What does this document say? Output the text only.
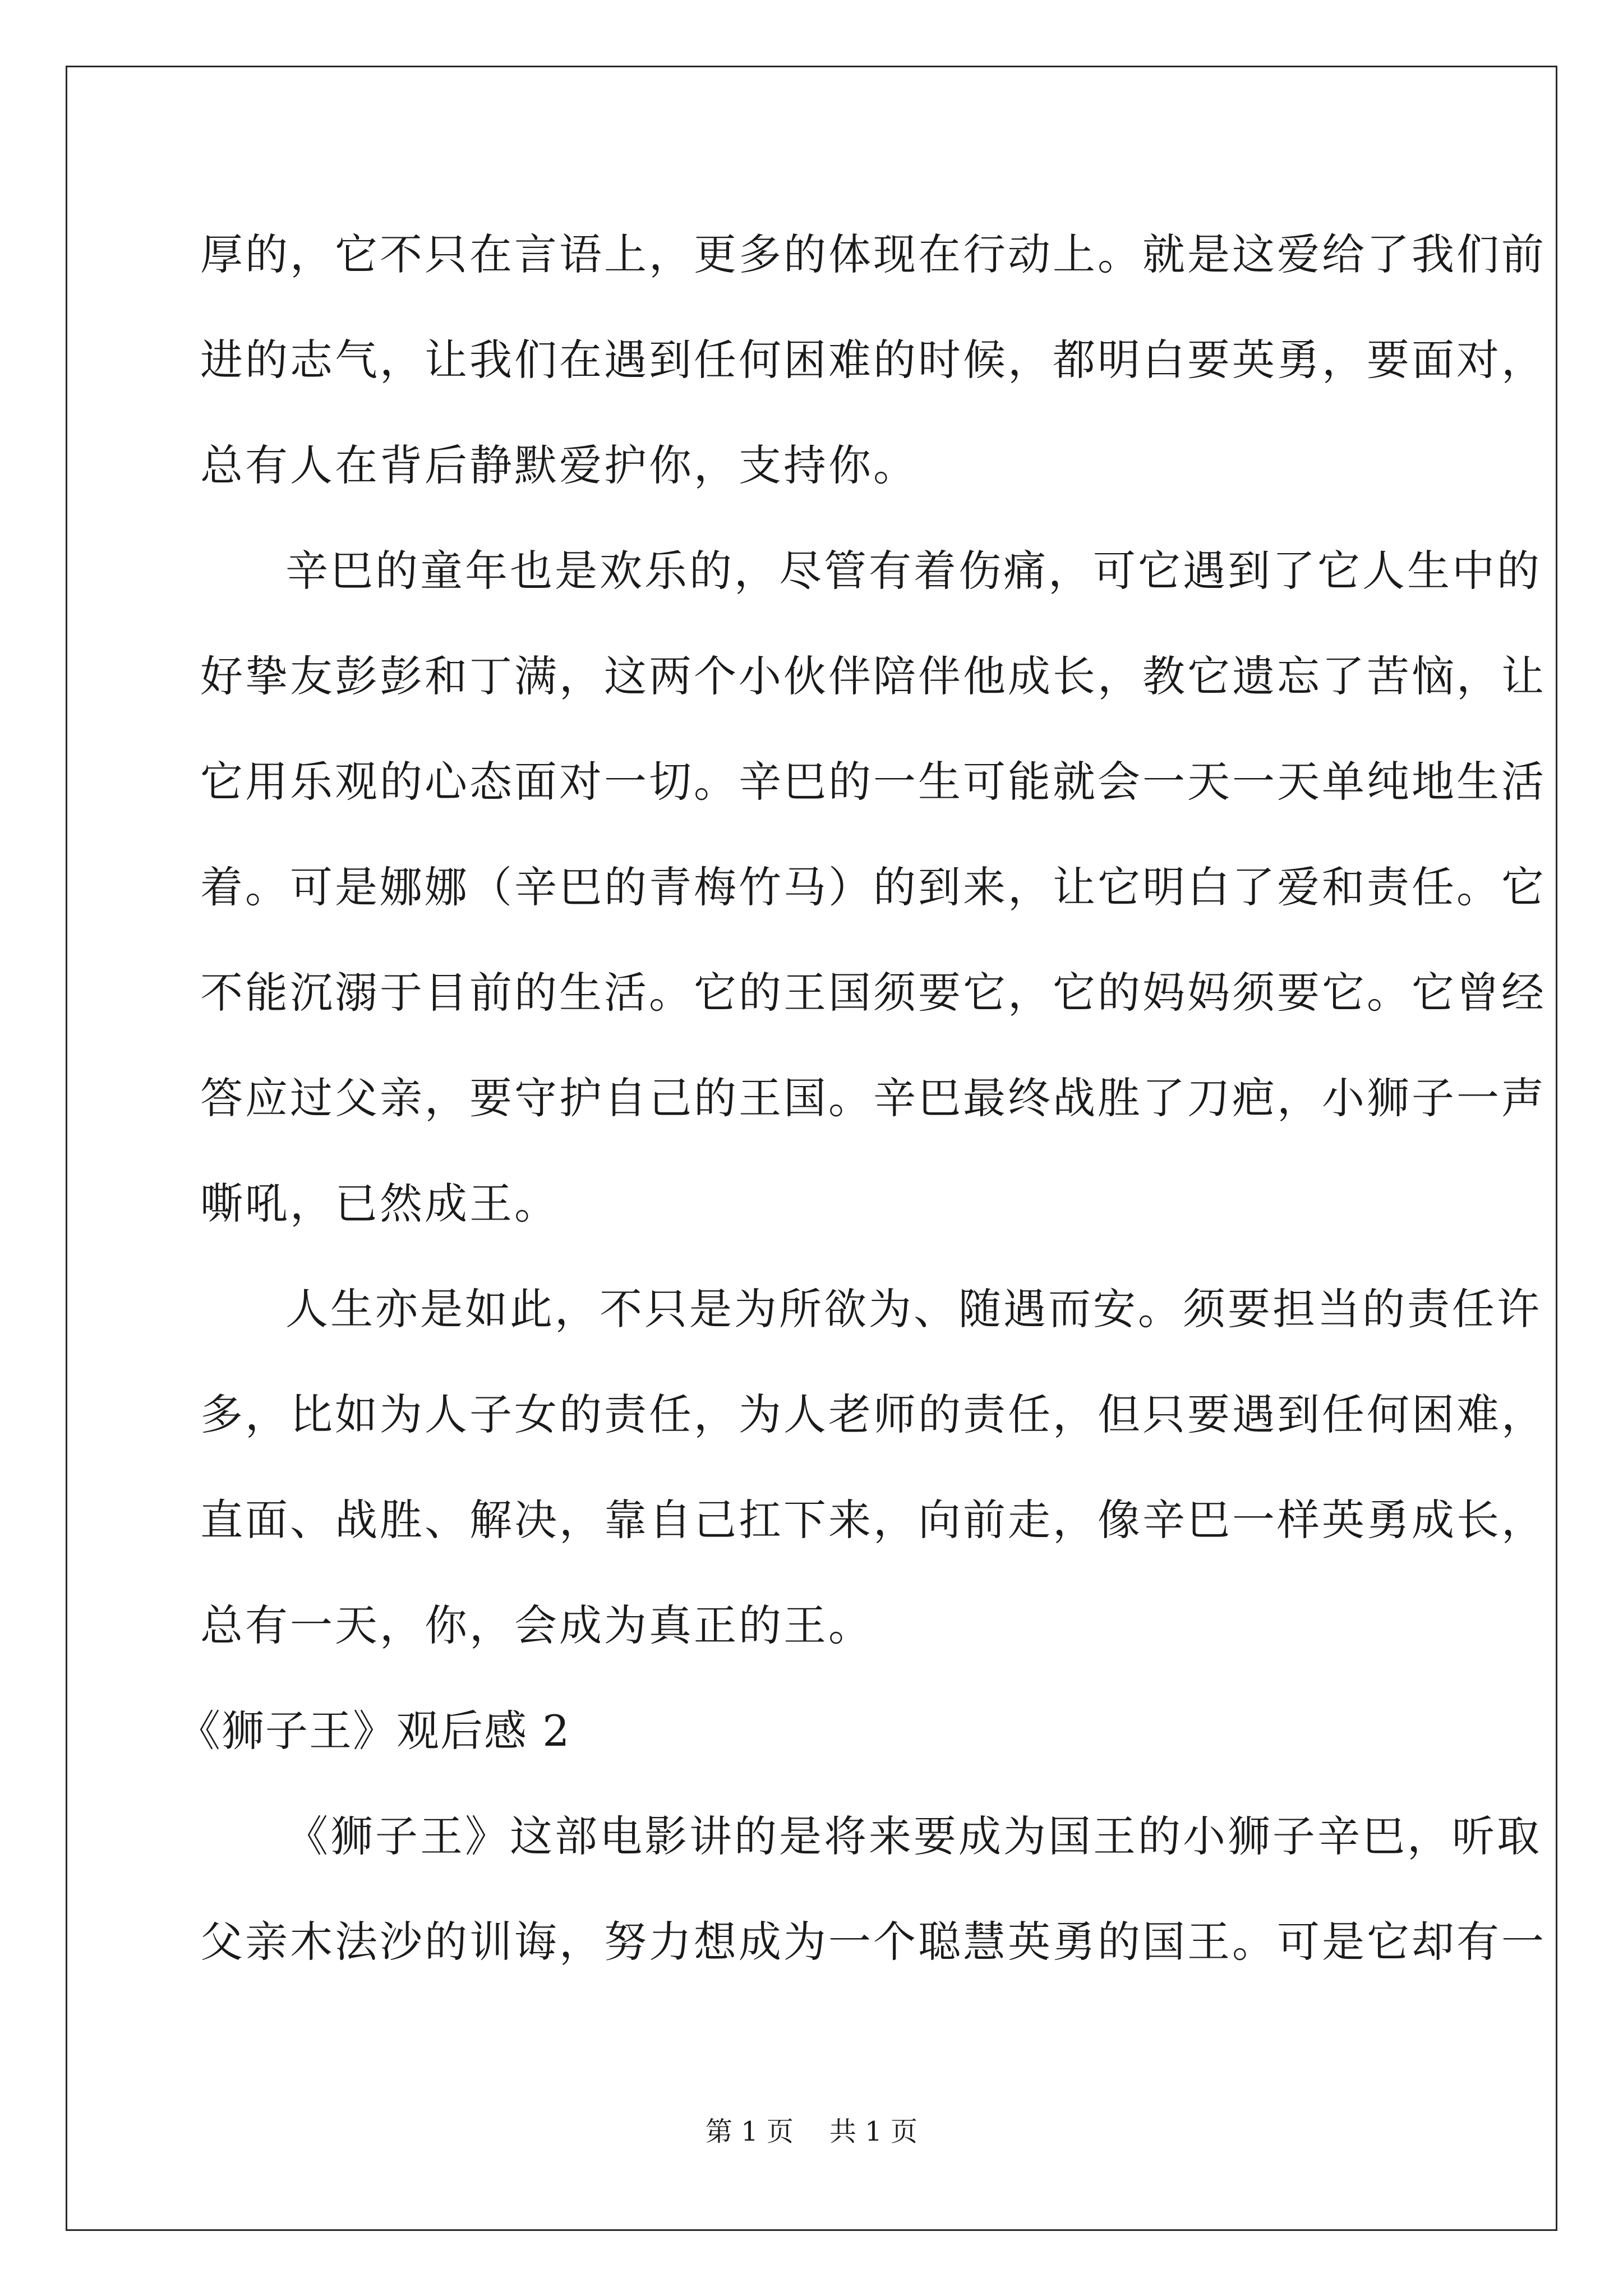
厚的，它不只在言语上，更多的体现在行动上。就是这爱给了我们前
进的志气，让我们在遇到任何困难的时候，都明白要英勇，要面对，
总有人在背后静默爱护你，支持你。
辛巴的童年也是欢乐的，尽管有着伤痛，可它遇到了它人生中的
好挚友彭彭和丁满，这两个小伙伴陪伴他成长，教它遗忘了苦恼，让
它用乐观的心态面对一切。辛巴的一生可能就会一天一天单纯地生活
着。可是娜娜（辛巴的青梅竹马）的到来，让它明白了爱和责任。它
不能沉溺于目前的生活。它的王国须要它，它的妈妈须要它。它曾经
答应过父亲，要守护自己的王国。辛巴最终战胜了刀疤，小狮子一声
嘶吼，已然成王。
人生亦是如此，不只是为所欲为、随遇而安。须要担当的责任许
多，比如为人子女的责任，为人老师的责任，但只要遇到任何困难，
直面、战胜、解决，靠自己扛下来，向前走，像辛巴一样英勇成长，
总有一天，你，会成为真正的王。
《狮子王》观后感 2
《狮子王》这部电影讲的是将来要成为国王的小狮子辛巴，听取
父亲木法沙的训诲，努力想成为一个聪慧英勇的国王。可是它却有一
第 1 页 共 1 页
